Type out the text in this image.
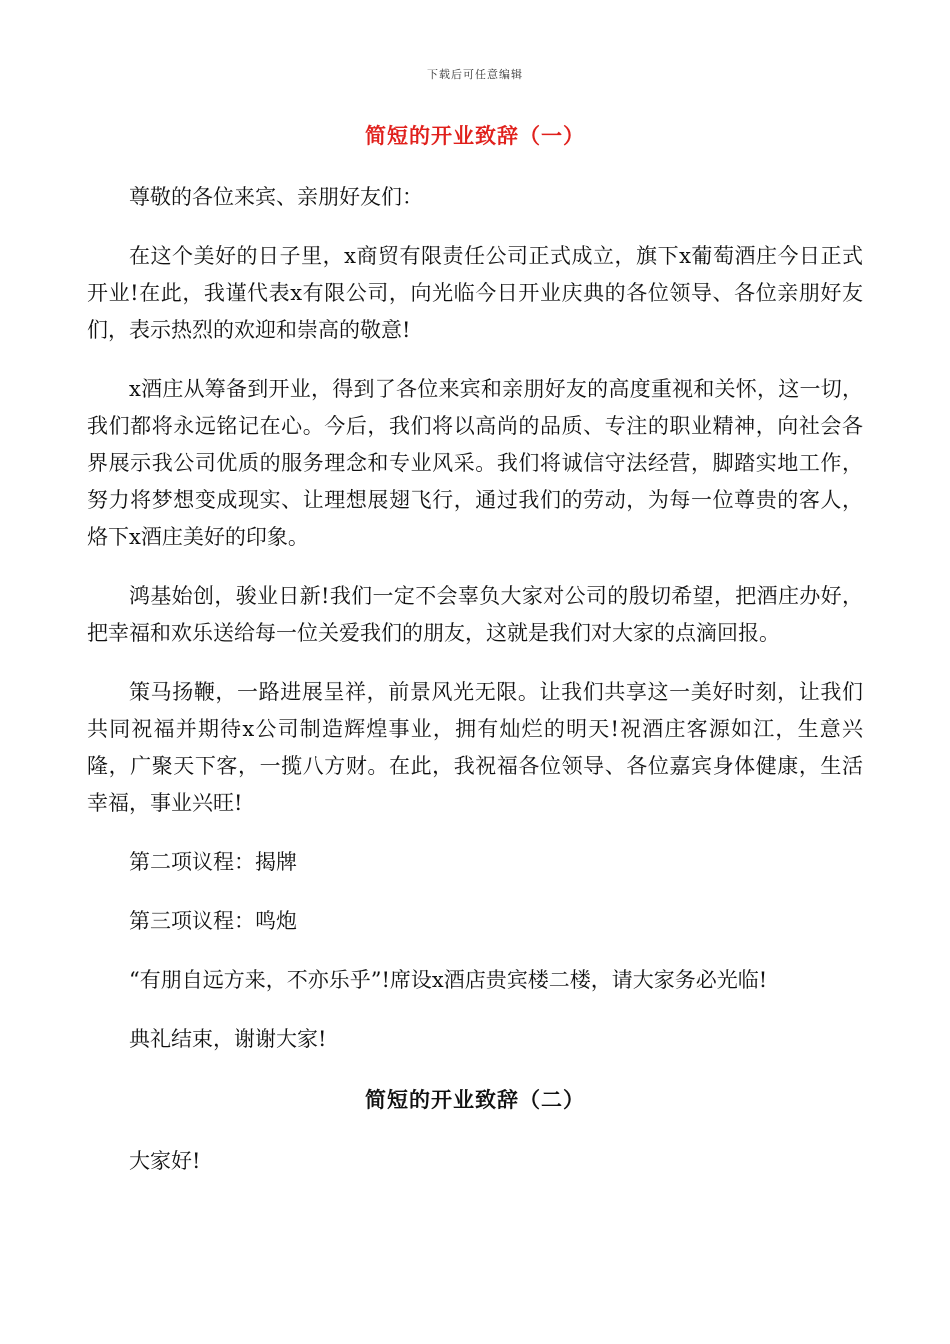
下载后可任意编辑
简短的开业致辞（一）

尊敬的各位来宾、亲朋好友们：

在这个美好的日子里，x商贸有限责任公司正式成立，旗下x葡萄酒庄今日正式开业!在此，我谨代表x有限公司，向光临今日开业庆典的各位领导、各位亲朋好友们，表示热烈的欢迎和崇高的敬意!

x酒庄从筹备到开业，得到了各位来宾和亲朋好友的高度重视和关怀，这一切，我们都将永远铭记在心。今后，我们将以高尚的品质、专注的职业精神，向社会各界展示我公司优质的服务理念和专业风采。我们将诚信守法经营，脚踏实地工作，努力将梦想变成现实、让理想展翅飞行，通过我们的劳动，为每一位尊贵的客人，烙下x酒庄美好的印象。

鸿基始创，骏业日新!我们一定不会辜负大家对公司的殷切希望，把酒庄办好，把幸福和欢乐送给每一位关爱我们的朋友，这就是我们对大家的点滴回报。

策马扬鞭，一路进展呈祥，前景风光无限。让我们共享这一美好时刻，让我们共同祝福并期待x公司制造辉煌事业，拥有灿烂的明天!祝酒庄客源如江，生意兴隆，广聚天下客，一揽八方财。在此，我祝福各位领导、各位嘉宾身体健康，生活幸福，事业兴旺!

第二项议程：揭牌

第三项议程：鸣炮

“有朋自远方来，不亦乐乎”!席设x酒店贵宾楼二楼，请大家务必光临!

典礼结束，谢谢大家!

简短的开业致辞（二）

大家好!
